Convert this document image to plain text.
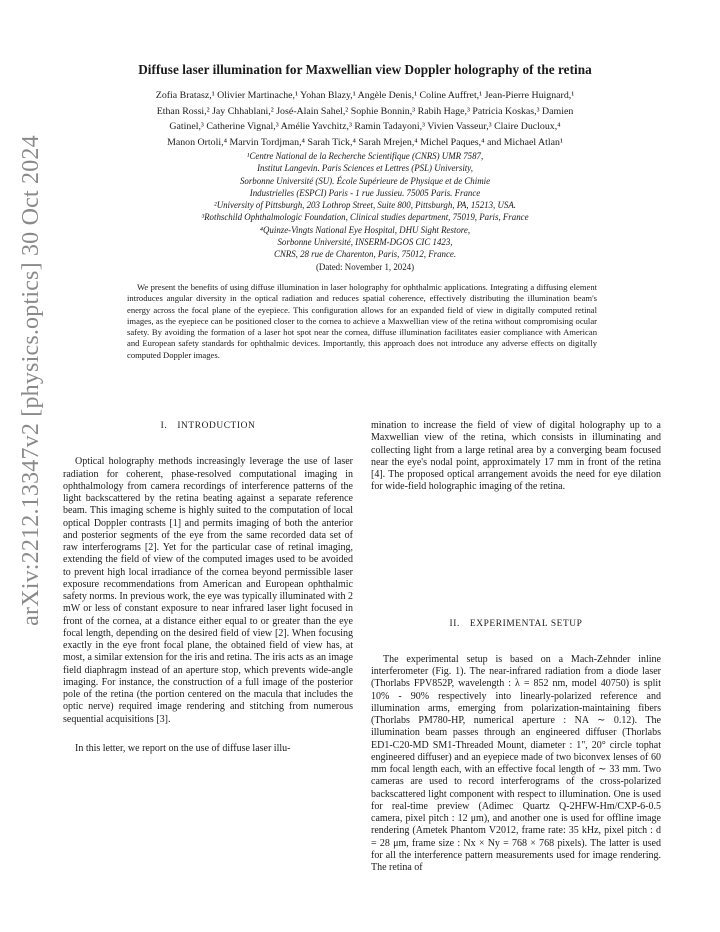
arXiv:2212.13347v2 [physics.optics] 30 Oct 2024
Diffuse laser illumination for Maxwellian view Doppler holography of the retina
Zofia Bratasz,¹ Olivier Martinache,¹ Yohan Blazy,¹ Angèle Denis,¹ Coline Auffret,¹ Jean-Pierre Huignard,¹
Ethan Rossi,² Jay Chhablani,² José-Alain Sahel,² Sophie Bonnin,³ Rabih Hage,³ Patricia Koskas,³ Damien
Gatinel,³ Catherine Vignal,³ Amélie Yavchitz,³ Ramin Tadayoni,³ Vivien Vasseur,³ Claire Ducloux,⁴
Manon Ortoli,⁴ Marvin Tordjman,⁴ Sarah Tick,⁴ Sarah Mrejen,⁴ Michel Paques,⁴ and Michael Atlan¹
¹Centre National de la Recherche Scientifique (CNRS) UMR 7587,
Institut Langevin. Paris Sciences et Lettres (PSL) University,
Sorbonne Université (SU). École Supérieure de Physique et de Chimie
Industrielles (ESPCI) Paris - 1 rue Jussieu. 75005 Paris. France
²University of Pittsburgh, 203 Lothrop Street, Suite 800, Pittsburgh, PA, 15213, USA.
³Rothschild Ophthalmologic Foundation, Clinical studies department, 75019, Paris, France
⁴Quinze-Vingts National Eye Hospital, DHU Sight Restore,
Sorbonne Université, INSERM-DGOS CIC 1423,
CNRS, 28 rue de Charenton, Paris, 75012, France.
(Dated: November 1, 2024)
We present the benefits of using diffuse illumination in laser holography for ophthalmic applications. Integrating a diffusing element introduces angular diversity in the optical radiation and reduces spatial coherence, effectively distributing the illumination beam's energy across the focal plane of the eyepiece. This configuration allows for an expanded field of view in digitally computed retinal images, as the eyepiece can be positioned closer to the cornea to achieve a Maxwellian view of the retina without compromising ocular safety. By avoiding the formation of a laser hot spot near the cornea, diffuse illumination facilitates easier compliance with American and European safety standards for ophthalmic devices. Importantly, this approach does not introduce any adverse effects on digitally computed Doppler images.
I. INTRODUCTION

Optical holography methods increasingly leverage the use of laser radiation for coherent, phase-resolved computational imaging in ophthalmology from camera recordings of interference patterns of the light backscattered by the retina beating against a separate reference beam. This imaging scheme is highly suited to the computation of local optical Doppler contrasts [1] and permits imaging of both the anterior and posterior segments of the eye from the same recorded data set of raw interferograms [2]. Yet for the particular case of retinal imaging, extending the field of view of the computed images used to be avoided to prevent high local irradiance of the cornea beyond permissible laser exposure recommendations from American and European ophthalmic safety norms. In previous work, the eye was typically illuminated with 2 mW or less of constant exposure to near infrared laser light focused in front of the cornea, at a distance either equal to or greater than the eye focal length, depending on the desired field of view [2]. When focusing exactly in the eye front focal plane, the obtained field of view has, at most, a similar extension for the iris and retina. The iris acts as an image field diaphragm instead of an aperture stop, which prevents wide-angle imaging. For instance, the construction of a full image of the posterior pole of the retina (the portion centered on the macula that includes the optic nerve) required image rendering and stitching from numerous sequential acquisitions [3].

In this letter, we report on the use of diffuse laser illu-

mination to increase the field of view of digital holography up to a Maxwellian view of the retina, which consists in illuminating and collecting light from a large retinal area by a converging beam focused near the eye's nodal point, approximately 17 mm in front of the retina [4]. The proposed optical arrangement avoids the need for eye dilation for wide-field holographic imaging of the retina.

II. EXPERIMENTAL SETUP

The experimental setup is based on a Mach-Zehnder inline interferometer (Fig. 1). The near-infrared radiation from a diode laser (Thorlabs FPV852P, wavelength : λ = 852 nm, model 40750) is split 10% - 90% respectively into linearly-polarized reference and illumination arms, emerging from polarization-maintaining fibers (Thorlabs PM780-HP, numerical aperture : NA ∼ 0.12). The illumination beam passes through an engineered diffuser (Thorlabs ED1-C20-MD SM1-Threaded Mount, diameter : 1", 20° circle tophat engineered diffuser) and an eyepiece made of two biconvex lenses of 60 mm focal length each, with an effective focal length of ∼ 33 mm. Two cameras are used to record interferograms of the cross-polarized backscattered light component with respect to illumination. One is used for real-time preview (Adimec Quartz Q-2HFW-Hm/CXP-6-0.5 camera, pixel pitch : 12 μm), and another one is used for offline image rendering (Ametek Phantom V2012, frame rate: 35 kHz, pixel pitch : d = 28 μm, frame size : Nx × Ny = 768 × 768 pixels). The latter is used for all the interference pattern measurements used for image rendering. The retina of
